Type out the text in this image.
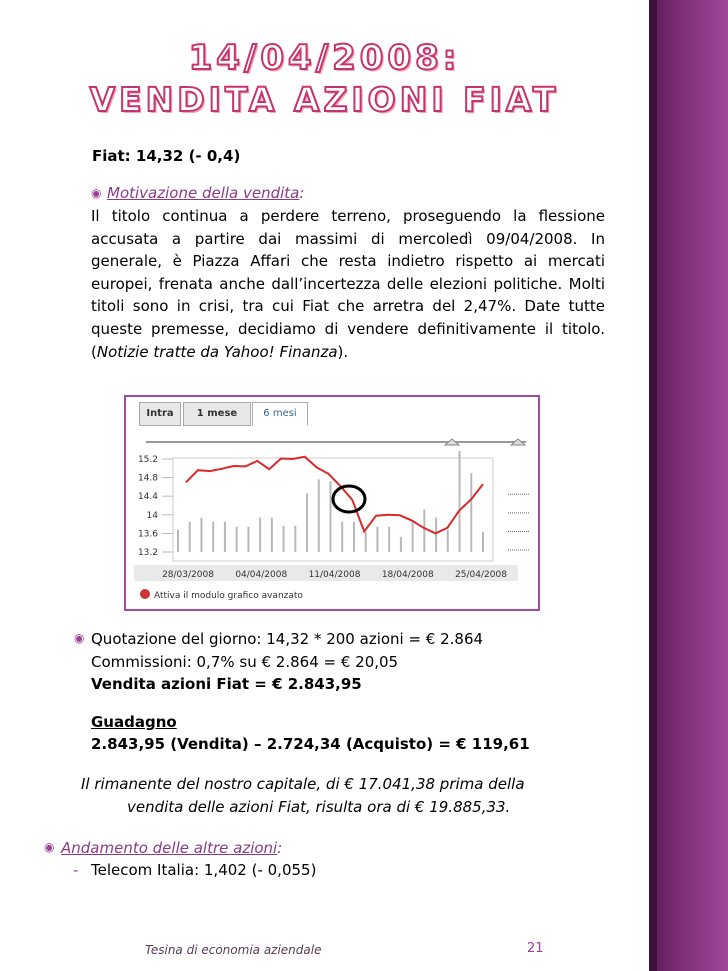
14/04/2008:
VENDITA AZIONI FIAT
Fiat: 14,32 (- 0,4)
◉ Motivazione della vendita:
Il titolo continua a perdere terreno, proseguendo la flessione accusata a partire dai massimi di mercoledì 09/04/2008. In generale, è Piazza Affari che resta indietro rispetto ai mercati europei, frenata anche dall’incertezza delle elezioni politiche. Molti titoli sono in crisi, tra cui Fiat che arretra del 2,47%. Date tutte queste premesse, decidiamo di vendere definitivamente il titolo. (Notizie tratte da Yahoo! Finanza).
Intra	1 mese	6 mesi
15.2
14.8
14.4
14
13.6
13.2
28/03/2008 04/04/2008 11/04/2008 18/04/2008 25/04/2008
Attiva il modulo grafico avanzato
◉ Quotazione del giorno: 14,32 * 200 azioni = € 2.864
Commissioni: 0,7% su € 2.864 = € 20,05
Vendita azioni Fiat = € 2.843,95
Guadagno
2.843,95 (Vendita) – 2.724,34 (Acquisto) = € 119,61
Il rimanente del nostro capitale, di € 17.041,38 prima della
vendita delle azioni Fiat, risulta ora di € 19.885,33.
◉ Andamento delle altre azioni:
- Telecom Italia: 1,402 (- 0,055)
Tesina di economia aziendale	21
